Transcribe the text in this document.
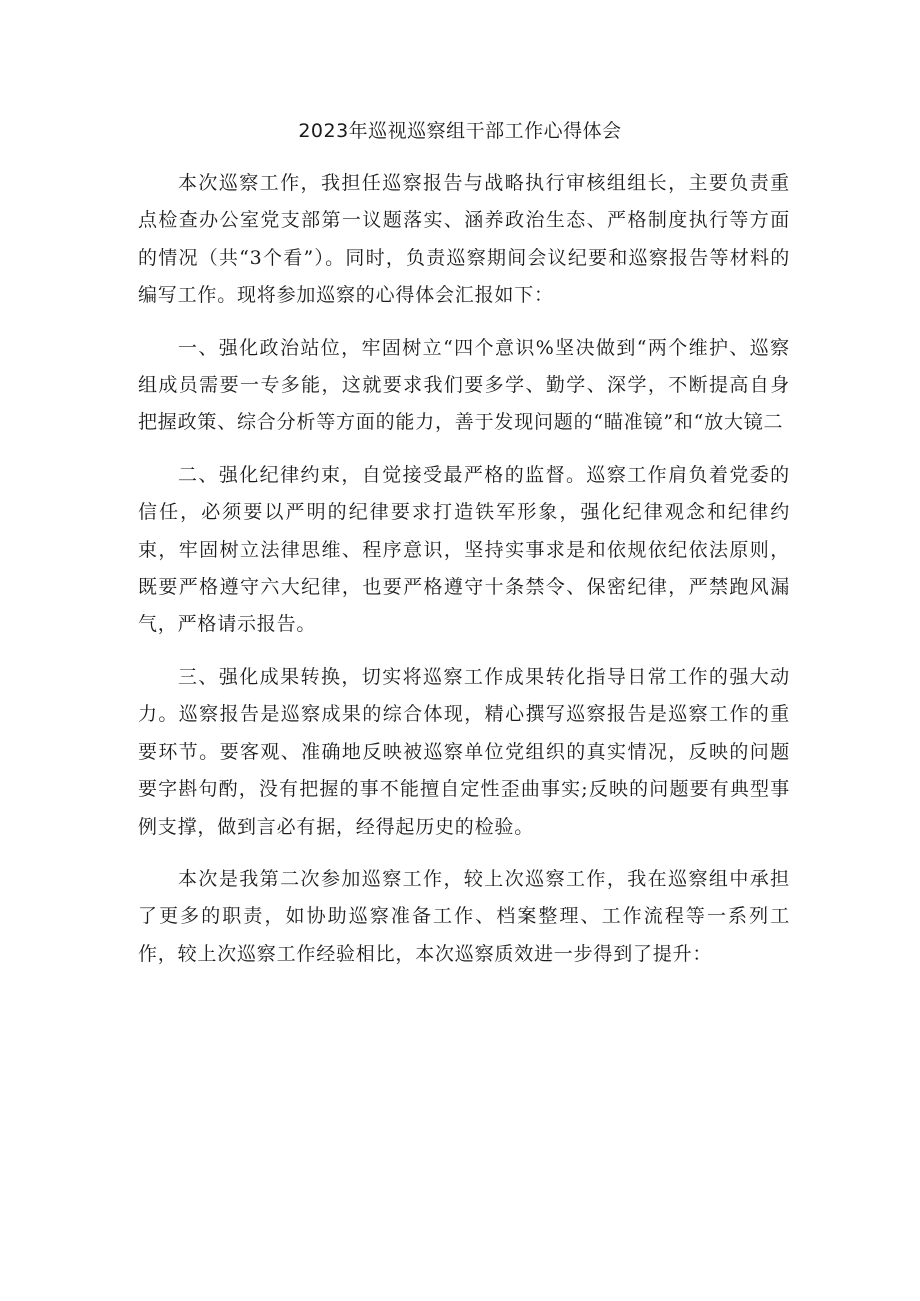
2023年巡视巡察组干部工作心得体会

本次巡察工作，我担任巡察报告与战略执行审核组组长，主要负责重点检查办公室党支部第一议题落实、涵养政治生态、严格制度执行等方面的情况（共“3个看”）。同时，负责巡察期间会议纪要和巡察报告等材料的编写工作。现将参加巡察的心得体会汇报如下：

一、强化政治站位，牢固树立“四个意识%坚决做到“两个维护、巡察组成员需要一专多能，这就要求我们要多学、勤学、深学，不断提高自身把握政策、综合分析等方面的能力，善于发现问题的“瞄准镜”和“放大镜二

二、强化纪律约束，自觉接受最严格的监督。巡察工作肩负着党委的信任，必须要以严明的纪律要求打造铁军形象，强化纪律观念和纪律约束，牢固树立法律思维、程序意识，坚持实事求是和依规依纪依法原则，既要严格遵守六大纪律，也要严格遵守十条禁令、保密纪律，严禁跑风漏气，严格请示报告。

三、强化成果转换，切实将巡察工作成果转化指导日常工作的强大动力。巡察报告是巡察成果的综合体现，精心撰写巡察报告是巡察工作的重要环节。要客观、准确地反映被巡察单位党组织的真实情况，反映的问题要字斟句酌，没有把握的事不能擅自定性歪曲事实;反映的问题要有典型事例支撑，做到言必有据，经得起历史的检验。

本次是我第二次参加巡察工作，较上次巡察工作，我在巡察组中承担了更多的职责，如协助巡察准备工作、档案整理、工作流程等一系列工作，较上次巡察工作经验相比，本次巡察质效进一步得到了提升：
